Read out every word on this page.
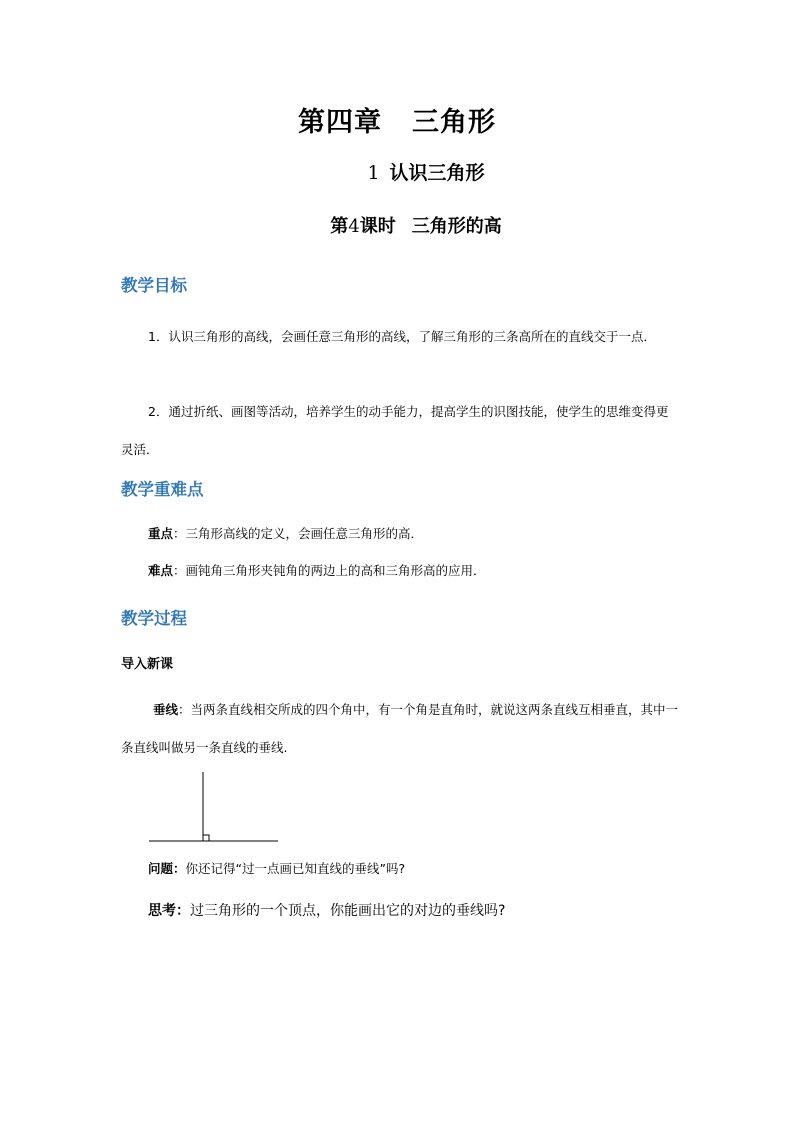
第四章 三角形
1 认识三角形
第4课时 三角形的高
教学目标
1．认识三角形的高线，会画任意三角形的高线，了解三角形的三条高所在的直线交于一点．
2．通过折纸、画图等活动，培养学生的动手能力，提高学生的识图技能，使学生的思维变得更灵活．
教学重难点
重点：三角形高线的定义，会画任意三角形的高．
难点：画钝角三角形夹钝角的两边上的高和三角形高的应用．
教学过程
导入新课
垂线：当两条直线相交所成的四个角中，有一个角是直角时，就说这两条直线互相垂直，其中一条直线叫做另一条直线的垂线.
问题：你还记得“过一点画已知直线的垂线”吗?
思考：过三角形的一个顶点，你能画出它的对边的垂线吗?
